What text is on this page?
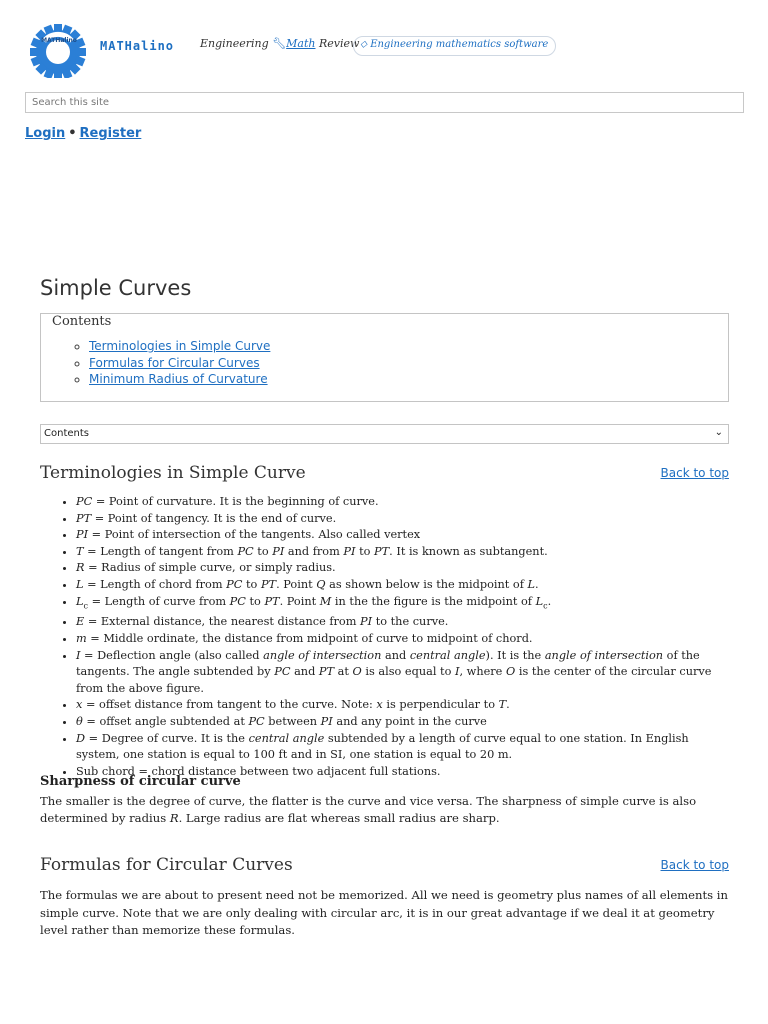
MATHalino MATHalino Engineering 🔧︎Math Review ⬦ Engineering mathematics software
Search this site
Login • Register
Simple Curves
Contents
◦ Terminologies in Simple Curve
◦ Formulas for Circular Curves
◦ Minimum Radius of Curvature
Contents	⌄
Terminologies in Simple Curve	Back to top
• PC = Point of curvature. It is the beginning of curve.
• PT = Point of tangency. It is the end of curve.
• PI = Point of intersection of the tangents. Also called vertex
• T = Length of tangent from PC to PI and from PI to PT. It is known as subtangent.
• R = Radius of simple curve, or simply radius.
• L = Length of chord from PC to PT. Point Q as shown below is the midpoint of L.
• $L_c$ = Length of curve from PC to PT. Point M in the the figure is the midpoint of $L_c$.
• E = External distance, the nearest distance from PI to the curve.
• m = Middle ordinate, the distance from midpoint of curve to midpoint of chord.
• I = Deflection angle (also called angle of intersection and central angle). It is the angle of intersection of the tangents. The angle subtended by PC and PT at O is also equal to I, where O is the center of the circular curve from the above figure.
• x = offset distance from tangent to the curve. Note: x is perpendicular to T.
• θ = offset angle subtended at PC between PI and any point in the curve
• D = Degree of curve. It is the central angle subtended by a length of curve equal to one station. In English system, one station is equal to 100 ft and in SI, one station is equal to 20 m.
• Sub chord = chord distance between two adjacent full stations.
Sharpness of circular curve

The smaller is the degree of curve, the flatter is the curve and vice versa. The sharpness of simple curve is also determined by radius R. Large radius are flat whereas small radius are sharp.

Formulas for Circular Curves	Back to top

The formulas we are about to present need not be memorized. All we need is geometry plus names of all elements in simple curve. Note that we are only dealing with circular arc, it is in our great advantage if we deal it at geometry level rather than memorize these formulas.
